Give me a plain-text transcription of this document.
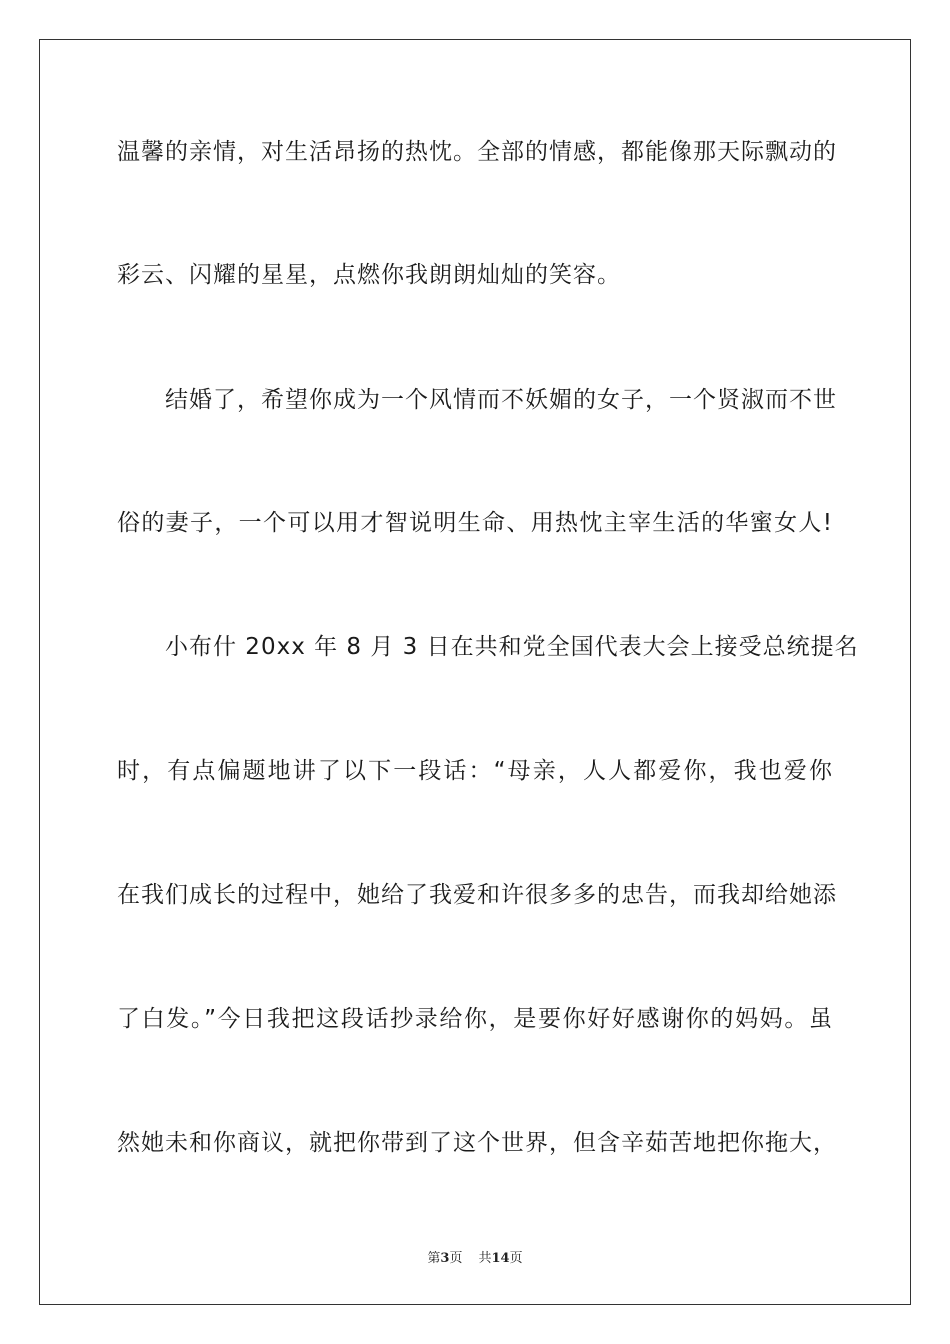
温馨的亲情，对生活昂扬的热忱。全部的情感，都能像那天际飘动的
彩云、闪耀的星星，点燃你我朗朗灿灿的笑容。
结婚了，希望你成为一个风情而不妖媚的女子，一个贤淑而不世
俗的妻子，一个可以用才智说明生命、用热忱主宰生活的华蜜女人!
小布什 20xx 年 8 月 3 日在共和党全国代表大会上接受总统提名
时，有点偏题地讲了以下一段话：“母亲，人人都爱你，我也爱你
在我们成长的过程中，她给了我爱和许很多多的忠告，而我却给她添
了白发。”今日我把这段话抄录给你，是要你好好感谢你的妈妈。虽
然她未和你商议，就把你带到了这个世界，但含辛茹苦地把你拖大，
第3页 共14页
